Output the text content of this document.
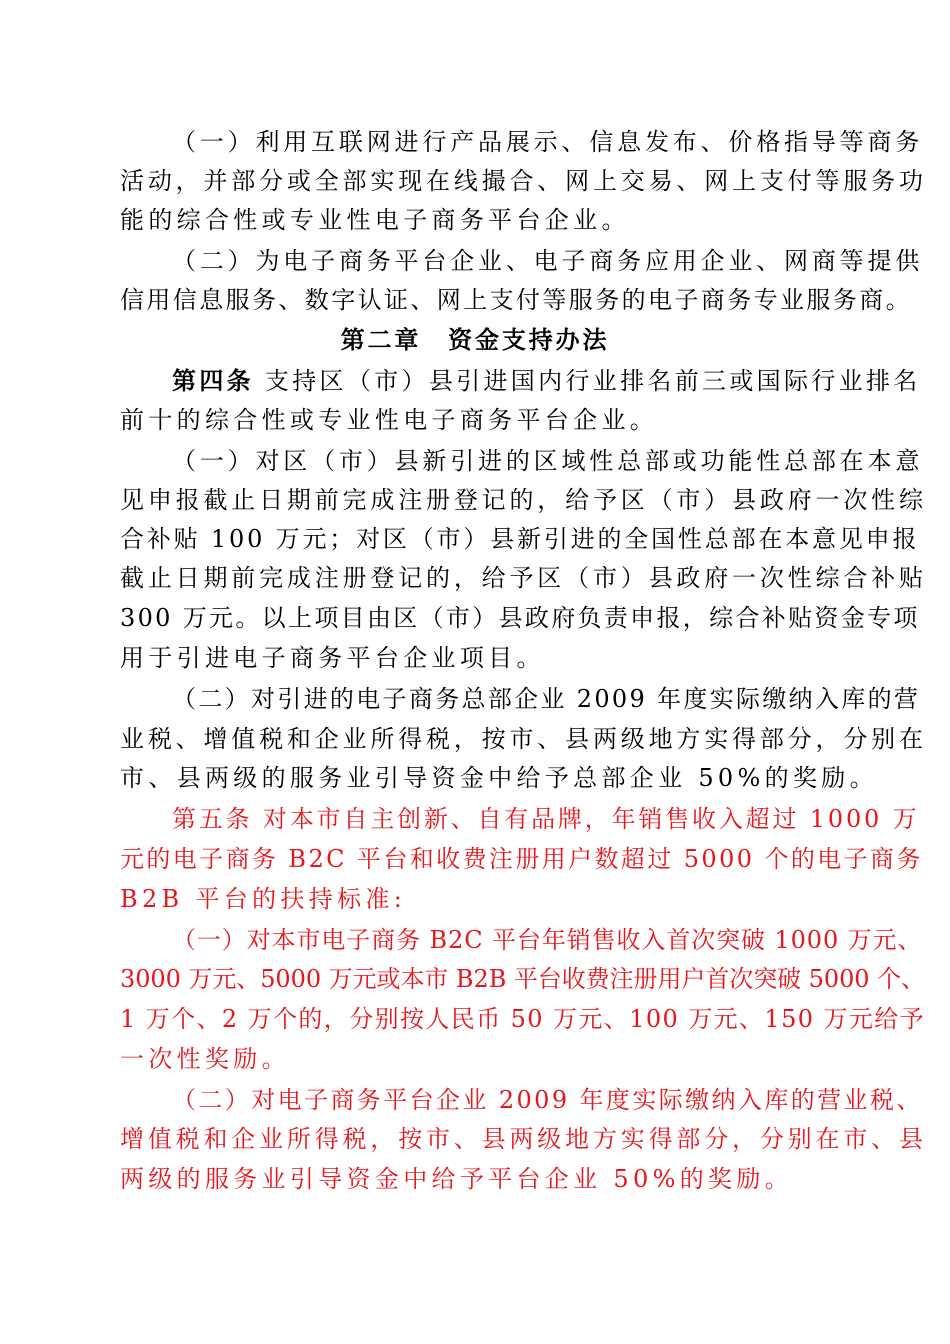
（一）利用互联网进行产品展示、信息发布、价格指导等商务

活动，并部分或全部实现在线撮合、网上交易、网上支付等服务功

能的综合性或专业性电子商务平台企业。

（二）为电子商务平台企业、电子商务应用企业、网商等提供

信用信息服务、数字认证、网上支付等服务的电子商务专业服务商。

第二章　资金支持办法

第四条 支持区（市）县引进国内行业排名前三或国际行业排名

前十的综合性或专业性电子商务平台企业。

（一）对区（市）县新引进的区域性总部或功能性总部在本意

见申报截止日期前完成注册登记的，给予区（市）县政府一次性综

合补贴 100 万元；对区（市）县新引进的全国性总部在本意见申报

截止日期前完成注册登记的，给予区（市）县政府一次性综合补贴

300 万元。以上项目由区（市）县政府负责申报，综合补贴资金专项

用于引进电子商务平台企业项目。

（二）对引进的电子商务总部企业 2009 年度实际缴纳入库的营

业税、增值税和企业所得税，按市、县两级地方实得部分，分别在

市、县两级的服务业引导资金中给予总部企业 50%的奖励。

第五条 对本市自主创新、自有品牌，年销售收入超过 1000 万

元的电子商务 B2C 平台和收费注册用户数超过 5000 个的电子商务

B2B 平台的扶持标准:

（一）对本市电子商务 B2C 平台年销售收入首次突破 1000 万元、

3000 万元、5000 万元或本市 B2B 平台收费注册用户首次突破 5000 个、

1 万个、2 万个的，分别按人民币 50 万元、100 万元、150 万元给予

一次性奖励。

（二）对电子商务平台企业 2009 年度实际缴纳入库的营业税、

增值税和企业所得税，按市、县两级地方实得部分，分别在市、县

两级的服务业引导资金中给予平台企业 50%的奖励。
